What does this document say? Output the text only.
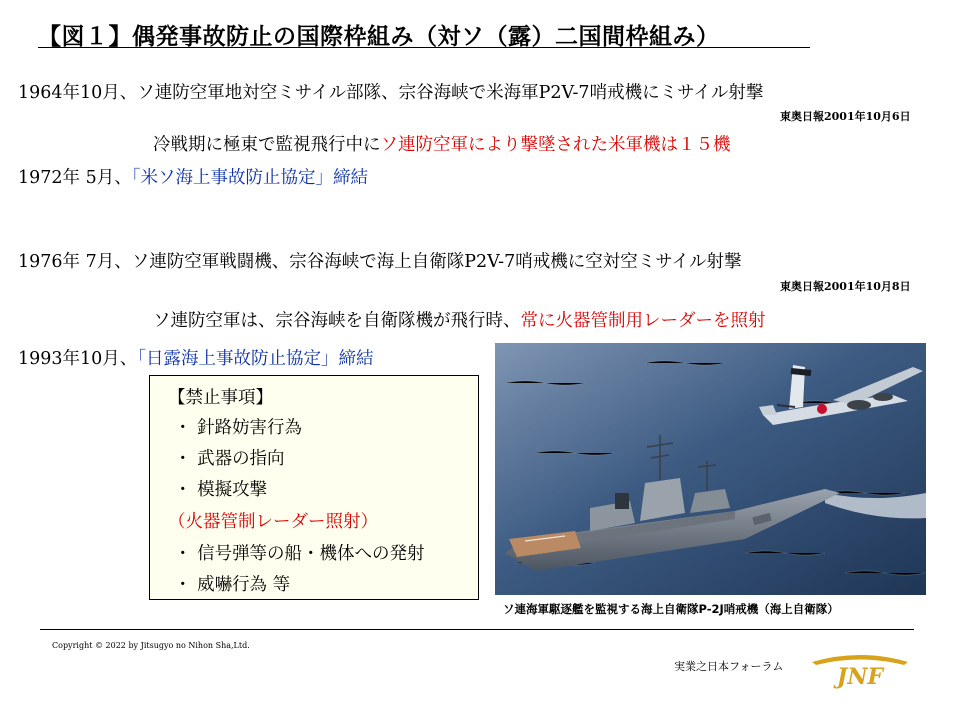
【図１】偶発事故防止の国際枠組み（対ソ（露）二国間枠組み）
1964年10月、ソ連防空軍地対空ミサイル部隊、宗谷海峡で米海軍P2V-7哨戒機にミサイル射撃
東奥日報2001年10月6日
冷戦期に極東で監視飛行中にソ連防空軍により撃墜された米軍機は１５機
1972年 5月、「米ソ海上事故防止協定」締結
1976年 7月、ソ連防空軍戦闘機、宗谷海峡で海上自衛隊P2V-7哨戒機に空対空ミサイル射撃
東奥日報2001年10月8日
ソ連防空軍は、宗谷海峡を自衛隊機が飛行時、常に火器管制用レーダーを照射
1993年10月、「日露海上事故防止協定」締結
【禁止事項】
・ 針路妨害行為
・ 武器の指向
・ 模擬攻撃
（火器管制レーダー照射）
・ 信号弾等の船・機体への発射
・ 威嚇行為 等
ソ連海軍駆逐艦を監視する海上自衛隊P-2J哨戒機（海上自衛隊）
Copyright © 2022 by Jitsugyo no Nihon Sha,Ltd.
実業之日本フォーラム JNF
